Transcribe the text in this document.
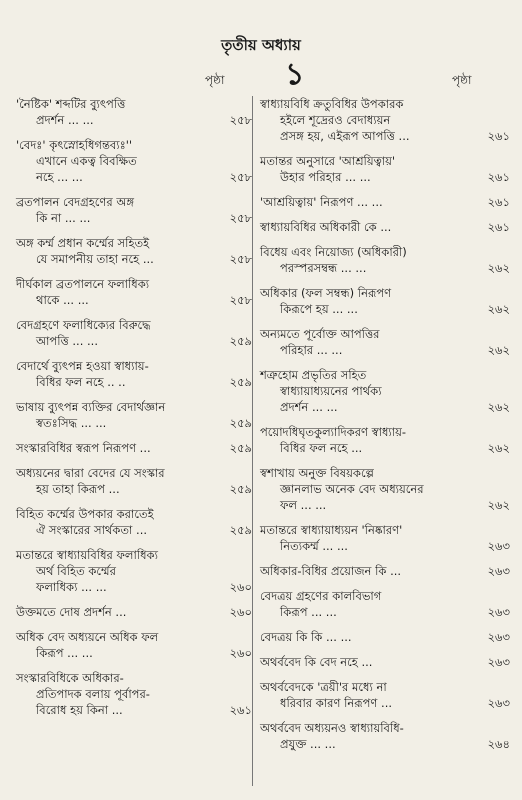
তৃতীয় অধ্যায়
১
পৃষ্ঠা	পৃষ্ঠা
'নৈষ্টিক' শব্দটির ব্যুৎপত্তি
প্রদর্শন ... ...	২৫৮
'বেদঃ' কৃৎস্নোহধিগন্তব্যঃ''
এখানে একত্ব বিবক্ষিত
নহে ... ...	২৫৮
ব্রতপালন বেদগ্রহণের অঙ্গ
কি না ... ...	২৫৮
অঙ্গ কর্ম্ম প্রধান কর্ম্মের সহিতই
যে সমাপনীয় তাহা নহে ...	২৫৮
দীর্ঘকাল ব্রতপালনে ফলাধিক্য
থাকে ... ...	২৫৮
বেদগ্রহণে ফলাধিক্যের বিরুদ্ধে
আপত্তি ... ...	২৫৯
বেদার্থে ব্যুৎপন্ন হওয়া স্বাধ্যায়-
বিধির ফল নহে .. ..	২৫৯
ভাষায় ব্যুৎপন্ন ব্যক্তির বেদার্থজ্ঞান
স্বতঃসিদ্ধ ... ...	২৫৯
সংস্কারবিধির স্বরূপ নিরূপণ ...	২৫৯
অধ্যয়নের দ্বারা বেদের যে সংস্কার
হয় তাহা কিরূপ ...	২৫৯
বিহিত কর্ম্মের উপকার করাতেই
ঐ সংস্কারের সার্থকতা ...	২৫৯
মতান্তরে স্বাধ্যায়বিধির ফলাধিক্য
অর্থ বিহিত কর্ম্মের
ফলাধিক্য ... ...	২৬০
উক্তমতে দোষ প্রদর্শন ...	২৬০
অধিক বেদ অধ্যয়নে অধিক ফল
কিরূপ ... ...	২৬০
সংস্কারবিধিকে অধিকার-
প্রতিপাদক বলায় পূর্বাপর-
বিরোধ হয় কিনা ...	২৬১
স্বাধ্যায়বিধি ক্রতুবিধির উপকারক
হইলে শূদ্রেরও বেদাধ্যয়ন
প্রসঙ্গ হয়, এইরূপ আপত্তি ...	২৬১
মতান্তর অনুসারে 'আশ্রয়িত্বায়'
উহার পরিহার ... ...	২৬১
'আশ্রয়িত্বায়' নিরূপণ ... ...	২৬১
স্বাধ্যায়বিধির অধিকারী কে ...	২৬১
বিধেয় এবং নিয়োজ্য (অধিকারী)
পরস্পরসম্বন্ধ ... ...	২৬২
অধিকার (ফল সম্বন্ধ) নিরূপণ
কিরূপে হয় ... ...	২৬২
অন্যমতে পূর্বোক্ত আপত্তির
পরিহার ... ...	২৬২
শত্রুহোম প্রভৃতির সহিত
স্বাধ্যায়াধ্যয়নের পার্থক্য
প্রদর্শন ... ...	২৬২
পয়োদধিঘৃতকুল্যাদিকরণ স্বাধ্যায়-
বিধির ফল নহে ...	২৬২
স্বশাখায় অনুক্ত বিষয়কল্পে
জ্ঞানলাভ অনেক বেদ অধ্যয়নের
ফল ... ...	২৬২
মতান্তরে স্বাধ্যায়াধ্যয়ন 'নিষ্কারণ'
নিত্যকর্ম্ম ... ...	২৬৩
অধিকার-বিধির প্রয়োজন কি ...	২৬৩
বেদত্রয় গ্রহণের কালবিভাগ
কিরূপ ... ...	২৬৩
বেদত্রয় কি কি ... ...	২৬৩
অথর্ববেদ কি বেদ নহে ...	২৬৩
অথর্ববেদকে 'ত্রয়ী'র মধ্যে না
ধরিবার কারণ নিরূপণ ...	২৬৩
অথর্ববেদ অধ্যয়নও স্বাধ্যায়বিধি-
প্রযুক্ত ... ...	২৬৪
